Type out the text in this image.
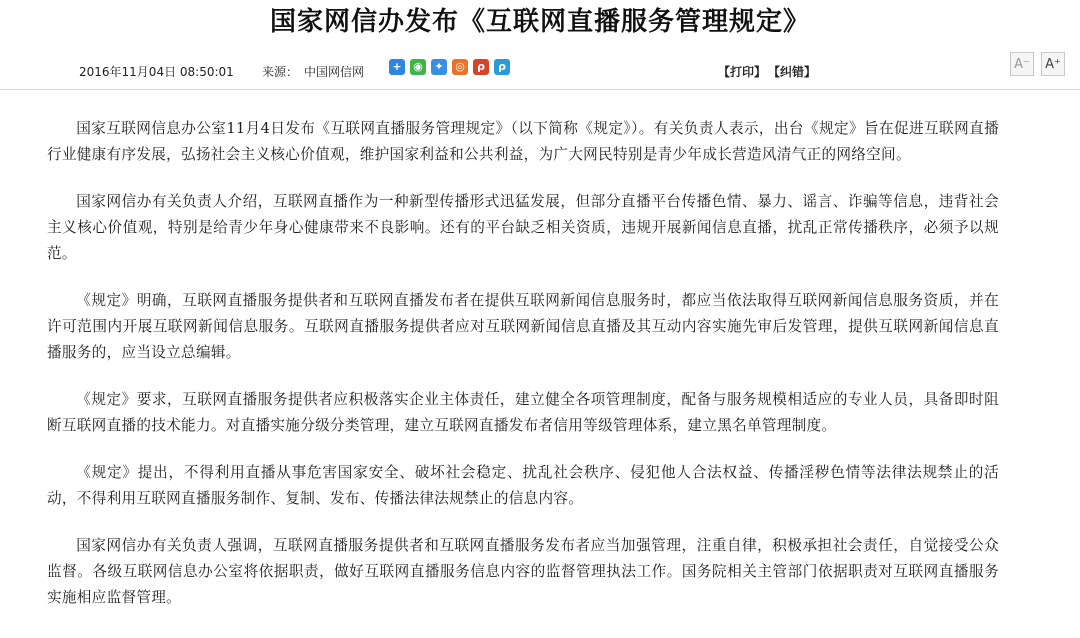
国家网信办发布《互联网直播服务管理规定》
2016年11月04日 08:50:01 来源： 中国网信网	+	◉	✦	◎	ρ	ρ	【打印】 【纠错】
A⁻	A⁺

国家互联网信息办公室11月4日发布《互联网直播服务管理规定》（以下简称《规定》）。有关负责人表示，出台《规定》旨在促进互联网直播行业健康有序发展，弘扬社会主义核心价值观，维护国家利益和公共利益，为广大网民特别是青少年成长营造风清气正的网络空间。

国家网信办有关负责人介绍，互联网直播作为一种新型传播形式迅猛发展，但部分直播平台传播色情、暴力、谣言、诈骗等信息，违背社会主义核心价值观，特别是给青少年身心健康带来不良影响。还有的平台缺乏相关资质，违规开展新闻信息直播，扰乱正常传播秩序，必须予以规范。

《规定》明确，互联网直播服务提供者和互联网直播发布者在提供互联网新闻信息服务时，都应当依法取得互联网新闻信息服务资质，并在许可范围内开展互联网新闻信息服务。互联网直播服务提供者应对互联网新闻信息直播及其互动内容实施先审后发管理，提供互联网新闻信息直播服务的，应当设立总编辑。

《规定》要求，互联网直播服务提供者应积极落实企业主体责任，建立健全各项管理制度，配备与服务规模相适应的专业人员，具备即时阻断互联网直播的技术能力。对直播实施分级分类管理，建立互联网直播发布者信用等级管理体系，建立黑名单管理制度。

《规定》提出，不得利用直播从事危害国家安全、破坏社会稳定、扰乱社会秩序、侵犯他人合法权益、传播淫秽色情等法律法规禁止的活动，不得利用互联网直播服务制作、复制、发布、传播法律法规禁止的信息内容。

国家网信办有关负责人强调，互联网直播服务提供者和互联网直播服务发布者应当加强管理，注重自律，积极承担社会责任，自觉接受公众监督。各级互联网信息办公室将依据职责，做好互联网直播服务信息内容的监督管理执法工作。国务院相关主管部门依据职责对互联网直播服务实施相应监督管理。
